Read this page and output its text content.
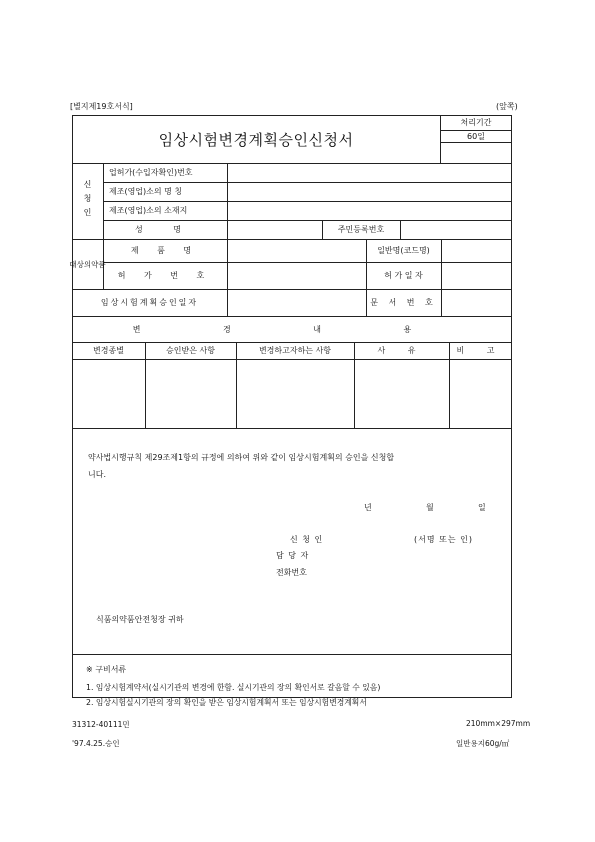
[별지제19호서식]	(앞쪽)
임상시험변경계획승인신청서
처리기간
60일
신청인
업허가(수입자확인)번호
제조(영업)소의 명 칭
제조(영업)소의 소재지
성 명	주민등록번호
대상의약품
제 품 명	일반명(코드명)
허 가 번 호	허 가 일 자
임상시험계획승인일자	문 서 번 호
변 경 내 용
변경종별	승인받은 사항	변경하고자하는 사항	사 유	비 고
약사법시행규칙 제29조제1항의 규정에 의하여 위와 같이 임상시험계획의 승인을 신청합
니다.
년	월	일
신 청 인	(서명 또는 인)
담 당 자
전화번호
식품의약품안전청장 귀하
※ 구비서류
1. 임상시험계약서(실시기관의 변경에 한함. 실시기관의 장의 확인서로 갈음할 수 있음)
2. 임상시험실시기관의 장의 확인을 받은 임상시험계획서 또는 임상시험변경계획서
31312-40111민	210mm×297mm
'97.4.25.승인	일반용지60g/㎡
